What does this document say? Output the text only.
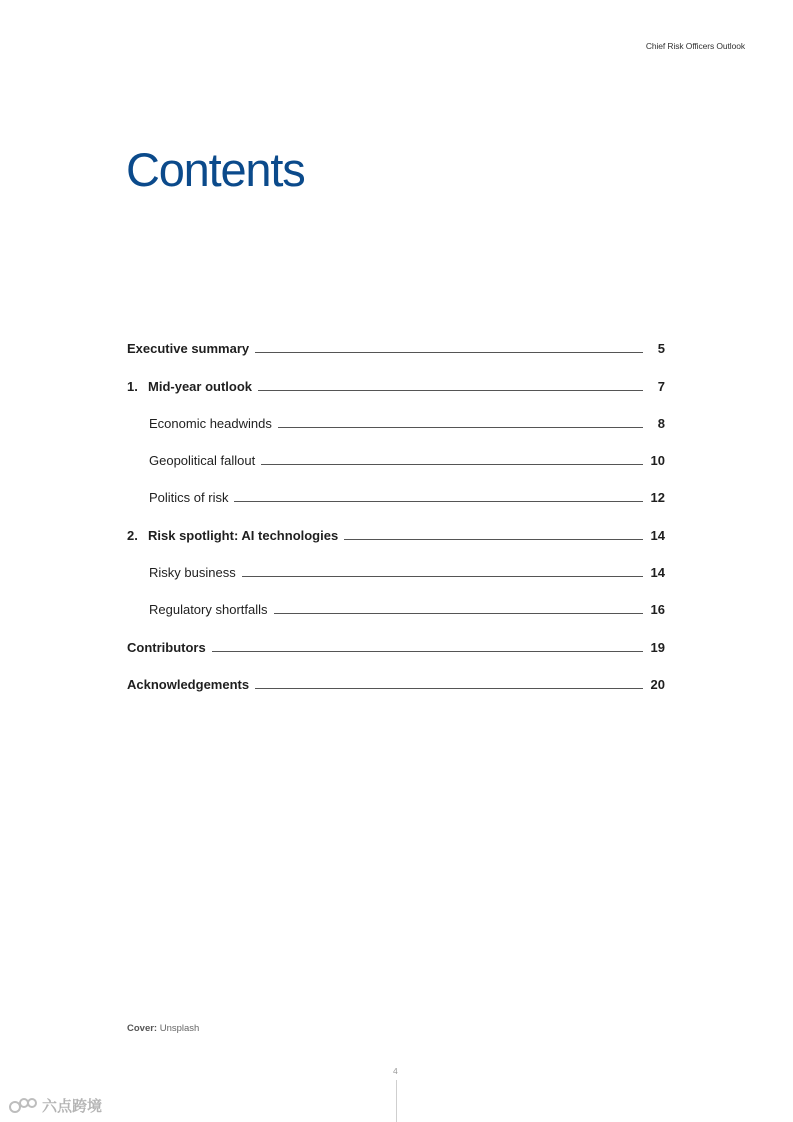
Chief Risk Officers Outlook
Contents
Executive summary	5
1. Mid-year outlook	7
Economic headwinds	8
Geopolitical fallout	10
Politics of risk	12
2. Risk spotlight: AI technologies	14
Risky business	14
Regulatory shortfalls	16
Contributors	19
Acknowledgements	20
Cover: Unsplash
4
六点跨境
